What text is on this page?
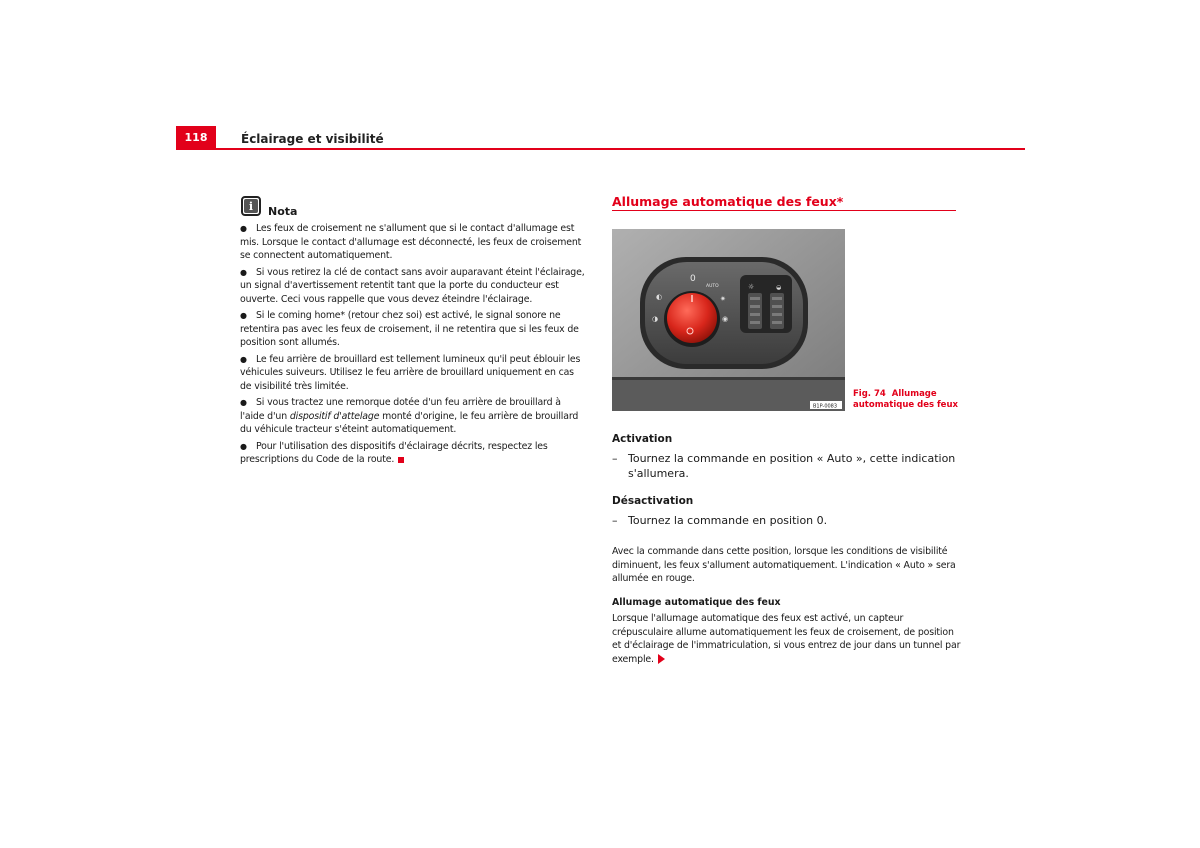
118	Éclairage et visibilité
i	Nota
● Les feux de croisement ne s'allument que si le contact d'allumage est mis. Lorsque le contact d'allumage est déconnecté, les feux de croisement se connectent automatiquement.
● Si vous retirez la clé de contact sans avoir auparavant éteint l'éclairage, un signal d'avertissement retentit tant que la porte du conducteur est ouverte. Ceci vous rappelle que vous devez éteindre l'éclairage.
● Si le coming home* (retour chez soi) est activé, le signal sonore ne retentira pas avec les feux de croisement, il ne retentira que si les feux de position sont allumés.
● Le feu arrière de brouillard est tellement lumineux qu'il peut éblouir les véhicules suiveurs. Utilisez le feu arrière de brouillard uniquement en cas de visibilité très limitée.
● Si vous tractez une remorque dotée d'un feu arrière de brouillard à l'aide d'un dispositif d'attelage monté d'origine, le feu arrière de brouillard du véhicule tracteur s'éteint automatiquement.
● Pour l'utilisation des dispositifs d'éclairage décrits, respectez les prescriptions du Code de la route.
Allumage automatique des feux*
0
AUTO
◐
◑
✷
◉
☼	◒
B1P-0083
Fig. 74 Allumage automatique des feux
Activation
– Tournez la commande en position « Auto », cette indication
s'allumera.
Désactivation
– Tournez la commande en position 0.
Avec la commande dans cette position, lorsque les conditions de visibilité diminuent, les feux s'allument automatiquement. L'indication « Auto » sera allumée en rouge.
Allumage automatique des feux
Lorsque l'allumage automatique des feux est activé, un capteur crépusculaire allume automatiquement les feux de croisement, de position et d'éclairage de l'immatriculation, si vous entrez de jour dans un tunnel par exemple.
